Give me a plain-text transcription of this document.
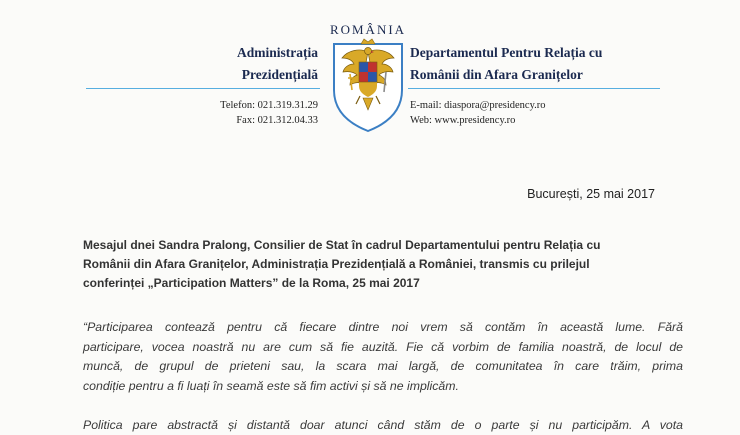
ROMÂNIA
Administrația
Prezidențială
Departamentul Pentru Relația cu
Românii din Afara Granițelor
Telefon: 021.319.31.29
Fax: 021.312.04.33
E-mail: diaspora@presidency.ro
Web: www.presidency.ro
București, 25 mai 2017
Mesajul dnei Sandra Pralong, Consilier de Stat în cadrul Departamentului pentru Relația cu
Românii din Afara Granițelor, Administrația Prezidențială a României, transmis cu prilejul
conferinței „Participation Matters” de la Roma, 25 mai 2017
“Participarea contează pentru că fiecare dintre noi vrem să contăm în această lume. Fără
participare, vocea noastră nu are cum să fie auzită. Fie că vorbim de familia noastră, de locul de
muncă, de grupul de prieteni sau, la scara mai largă, de comunitatea în care trăim, prima
condiție pentru a fi luați în seamă este să fim activi și să ne implicăm.

Politica pare abstractă și distantă doar atunci când stăm de o parte și nu participăm. A vota
